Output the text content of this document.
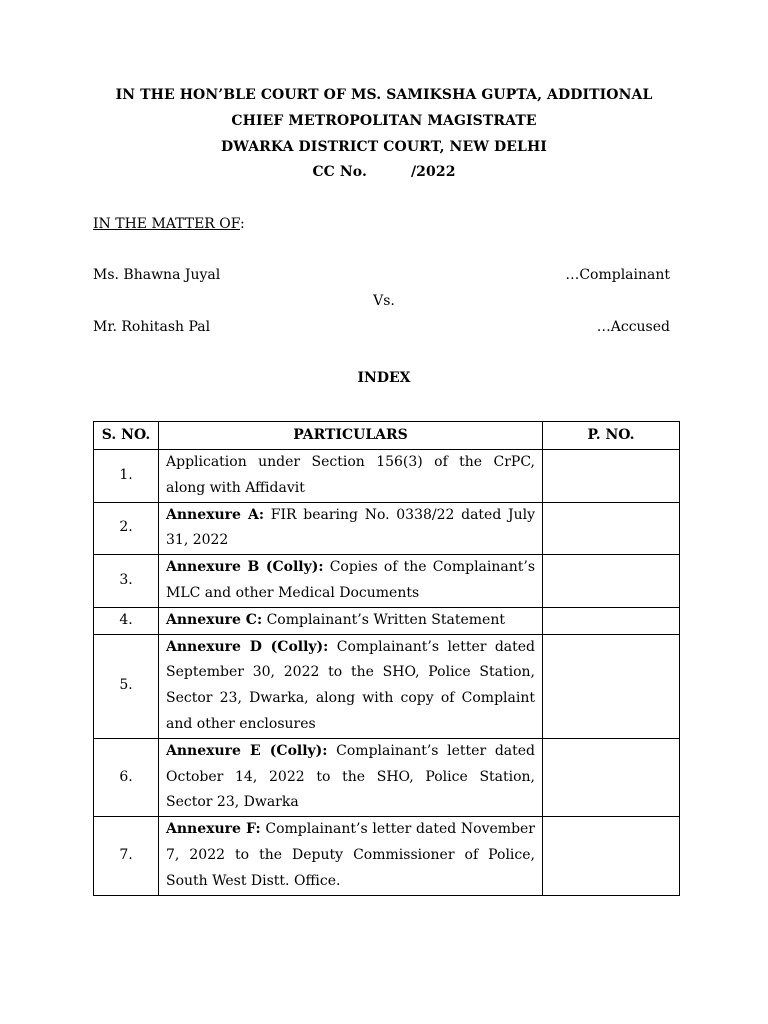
IN THE HON’BLE COURT OF MS. SAMIKSHA GUPTA, ADDITIONAL
CHIEF METROPOLITAN MAGISTRATE
DWARKA DISTRICT COURT, NEW DELHI
CC No.	/2022
IN THE MATTER OF:
Ms. Bhawna Juyal	…Complainant
Vs.
Mr. Rohitash Pal	…Accused
INDEX
S. NO.	PARTICULARS	P. NO.
1.	Application under Section 156(3) of the CrPC, along with Affidavit	
2.	Annexure A: FIR bearing No. 0338/22 dated July 31, 2022	
3.	Annexure B (Colly): Copies of the Complainant’s MLC and other Medical Documents	
4.	Annexure C: Complainant’s Written Statement	
5.	Annexure D (Colly): Complainant’s letter dated September 30, 2022 to the SHO, Police Station, Sector 23, Dwarka, along with copy of Complaint and other enclosures	
6.	Annexure E (Colly): Complainant’s letter dated October 14, 2022 to the SHO, Police Station, Sector 23, Dwarka	
7.	Annexure F: Complainant’s letter dated November 7, 2022 to the Deputy Commissioner of Police, South West Distt. Office.	
